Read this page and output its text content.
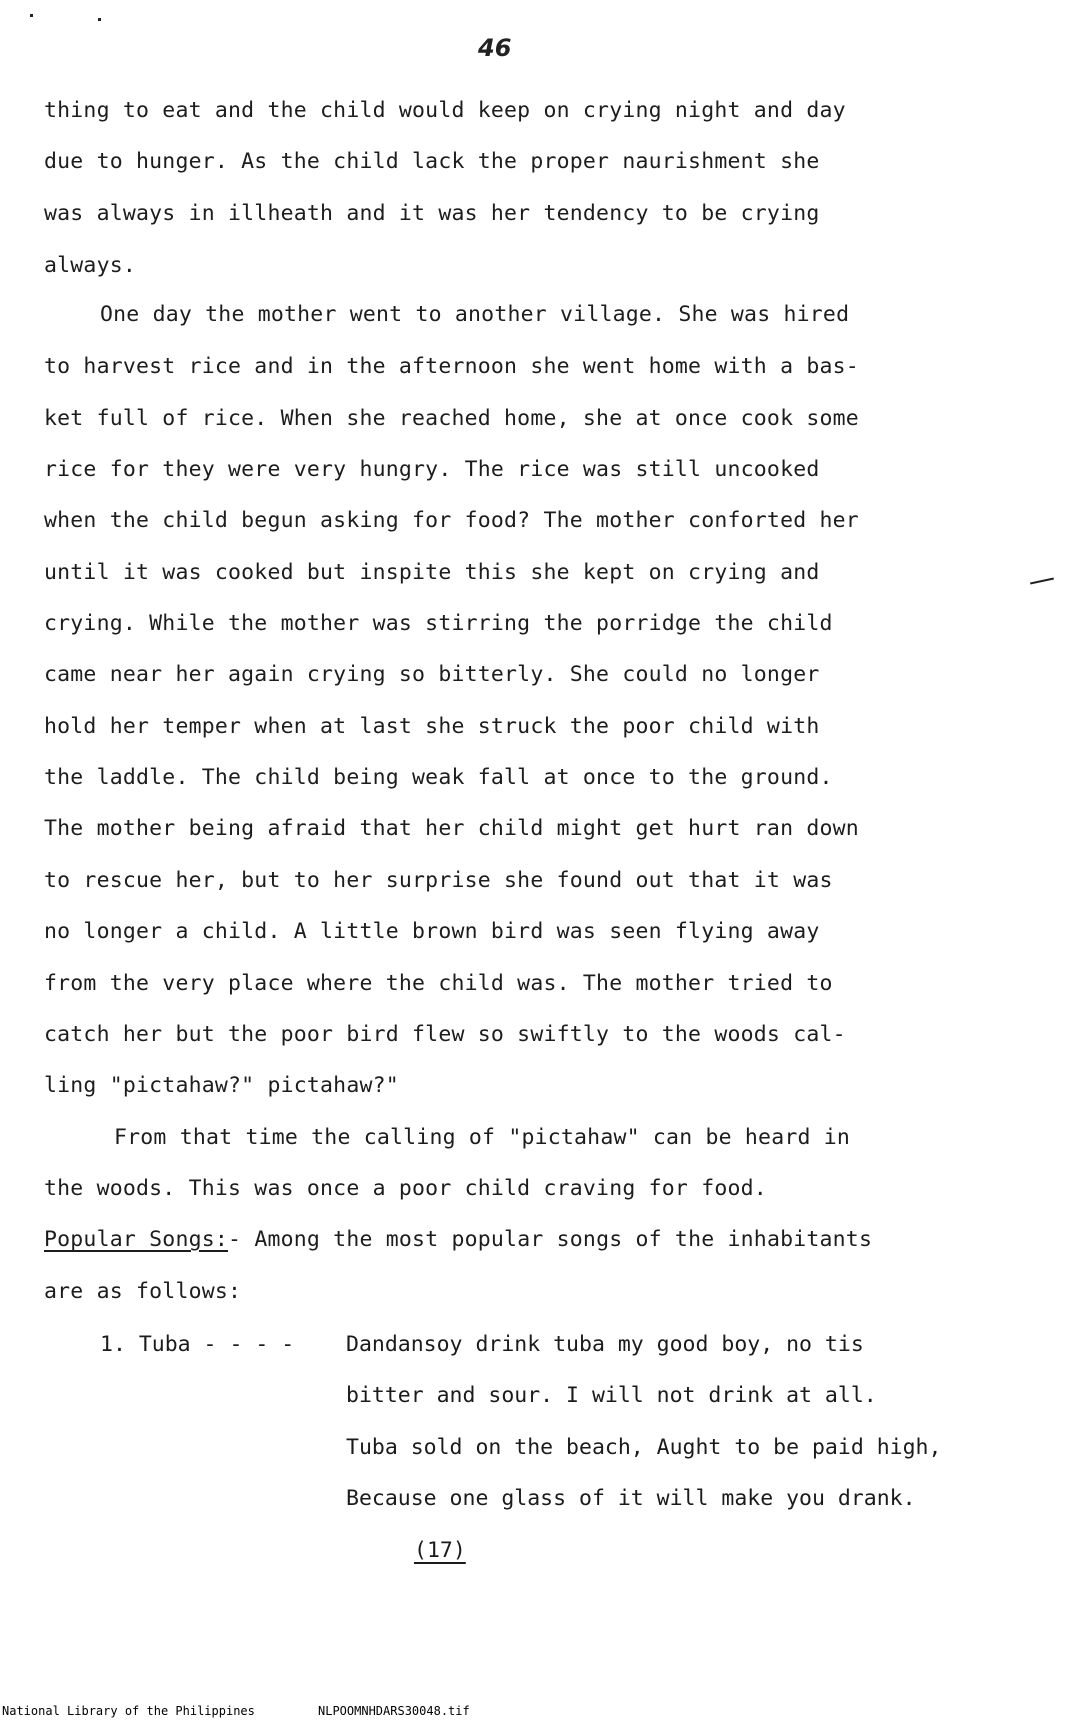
46
thing to eat and the child would keep on crying night and day
due to hunger. As the child lack the proper naurishment she
was always in illheath and it was her tendency to be crying
always.
One day the mother went to another village. She was hired
to harvest rice and in the afternoon she went home with a bas-
ket full of rice. When she reached home, she at once cook some
rice for they were very hungry. The rice was still uncooked
when the child begun asking for food? The mother conforted her
until it was cooked but inspite this she kept on crying and
crying. While the mother was stirring the porridge the child
came near her again crying so bitterly. She could no longer
hold her temper when at last she struck the poor child with
the laddle. The child being weak fall at once to the ground.
The mother being afraid that her child might get hurt ran down
to rescue her, but to her surprise she found out that it was
no longer a child. A little brown bird was seen flying away
from the very place where the child was. The mother tried to
catch her but the poor bird flew so swiftly to the woods cal-
ling "pictahaw?" pictahaw?"
From that time the calling of "pictahaw" can be heard in
the woods. This was once a poor child craving for food.
Popular Songs:- Among the most popular songs of the inhabitants
are as follows:
1. Tuba - - - - Dandansoy drink tuba my good boy, no tis
bitter and sour. I will not drink at all.
Tuba sold on the beach, Aught to be paid high,
Because one glass of it will make you drank.
(17)
National Library of the Philippines	NLPOOMNHDARS30048.tif
